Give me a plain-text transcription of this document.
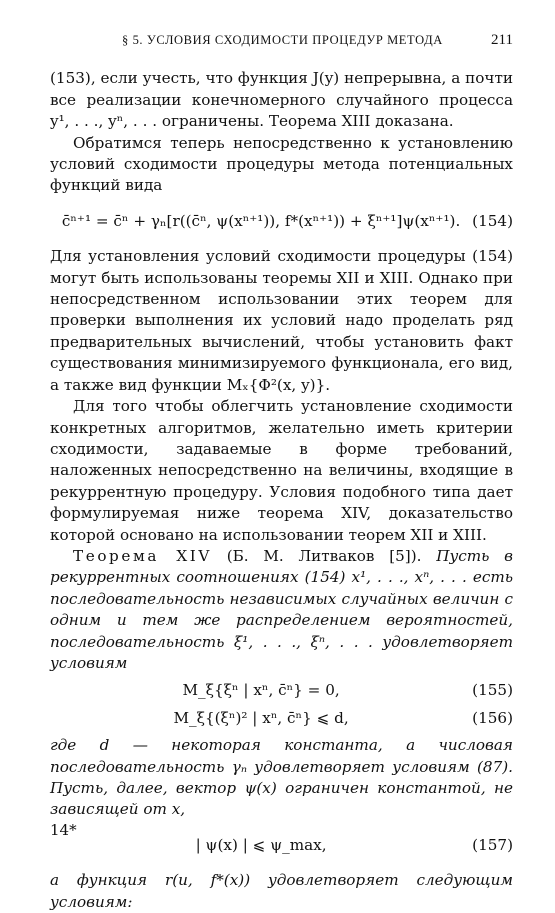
§ 5. УСЛОВИЯ СХОДИМОСТИ ПРОЦЕДУР МЕТОДА	211

(153), если учесть, что функция J(y) непрерывна, а почти все реализации конечномерного случайного процесса y¹, . . ., yⁿ, . . . ограничены. Теорема XIII доказана.

Обратимся теперь непосредственно к установлению условий сходимости процедуры метода потенциальных функций вида

c̄ⁿ⁺¹ = c̄ⁿ + γₙ[r((c̄ⁿ, ψ(xⁿ⁺¹)), f*(xⁿ⁺¹)) + ξⁿ⁺¹]ψ(xⁿ⁺¹). (154)

Для установления условий сходимости процедуры (154) могут быть использованы теоремы XII и XIII. Однако при непосредственном использовании этих теорем для проверки выполнения их условий надо проделать ряд предварительных вычислений, чтобы установить факт существования минимизируемого функционала, его вид, а также вид функции Mₓ{Φ²(x, y)}.

Для того чтобы облегчить установление сходимости конкретных алгоритмов, желательно иметь критерии сходимости, задаваемые в форме требований, наложенных непосредственно на величины, входящие в рекуррентную процедуру. Условия подобного типа дает формулируемая ниже теорема XIV, доказательство которой основано на использовании теорем XII и XIII.

Теорема XIV (Б. М. Литваков [5]). Пусть в рекуррентных соотношениях (154) x¹, . . ., xⁿ, . . . есть последовательность независимых случайных величин с одним и тем же распределением вероятностей, последовательность ξ¹, . . ., ξⁿ, . . . удовлетворяет условиям

M_ξ{ξⁿ | xⁿ, c̄ⁿ} = 0,	(155)
M_ξ{(ξⁿ)² | xⁿ, c̄ⁿ} ⩽ d,	(156)

где d — некоторая константа, а числовая последовательность γₙ удовлетворяет условиям (87). Пусть, далее, вектор ψ(x) ограничен константой, не зависящей от x,

| ψ(x) | ⩽ ψ_max,	(157)

а функция r(u, f*(x)) удовлетворяет следующим условиям:

14*
